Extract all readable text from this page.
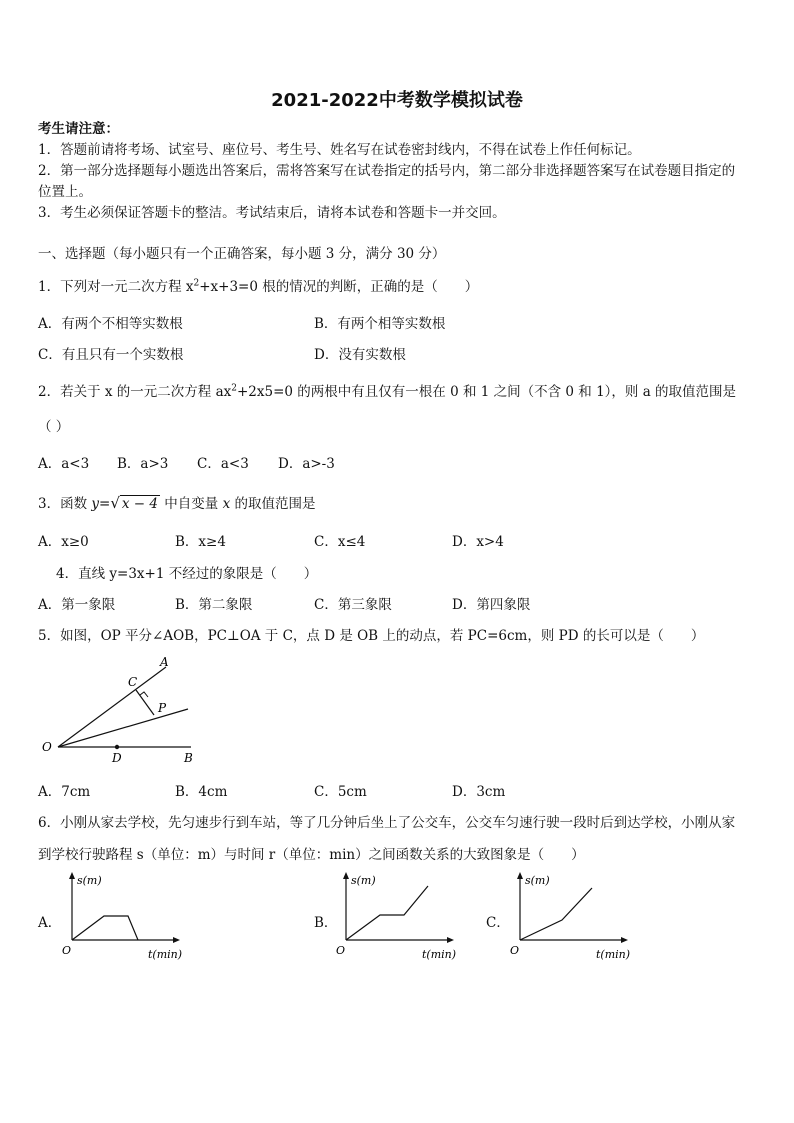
2021-2022中考数学模拟试卷
考生请注意：
1．答题前请将考场、试室号、座位号、考生号、姓名写在试卷密封线内，不得在试卷上作任何标记。
2．第一部分选择题每小题选出答案后，需将答案写在试卷指定的括号内，第二部分非选择题答案写在试卷题目指定的
位置上。
3．考生必须保证答题卡的整洁。考试结束后，请将本试卷和答题卡一并交回。
一、选择题（每小题只有一个正确答案，每小题 3 分，满分 30 分）
1．下列对一元二次方程 $x^2+x+3=0$ 根的情况的判断，正确的是（　　）
A．有两个不相等实数根	B．有两个相等实数根
C．有且只有一个实数根	D．没有实数根
2．若关于 x 的一元二次方程 $ax^2+2x5=0$ 的两根中有且仅有一根在 0 和 1 之间（不含 0 和 1），则 a 的取值范围是
（ ）
A．a<3 B．a>3 C．a<3 D．a>-3
3．函数 y=√ x − 4 中自变量 x 的取值范围是
A．x≥0	B．x≥4	C．x≤4	D．x>4
4．直线 y=3x+1 不经过的象限是（　　）
A．第一象限	B．第二象限	C．第三象限	D．第四象限
5．如图，OP 平分∠AOB，PC⊥OA 于 C，点 D 是 OB 上的动点，若 PC=6cm，则 PD 的长可以是（　　）
A
C
P
O
D	B
A．7cm	B．4cm	C．5cm	D．3cm
6．小刚从家去学校，先匀速步行到车站，等了几分钟后坐上了公交车，公交车匀速行驶一段时后到达学校，小刚从家
到学校行驶路程 s（单位：m）与时间 r（单位：min）之间函数关系的大致图象是（　　）
A．
s(m)
O	t(min)
B．
s(m)
O	t(min)
C．
s(m)
O	t(min)
